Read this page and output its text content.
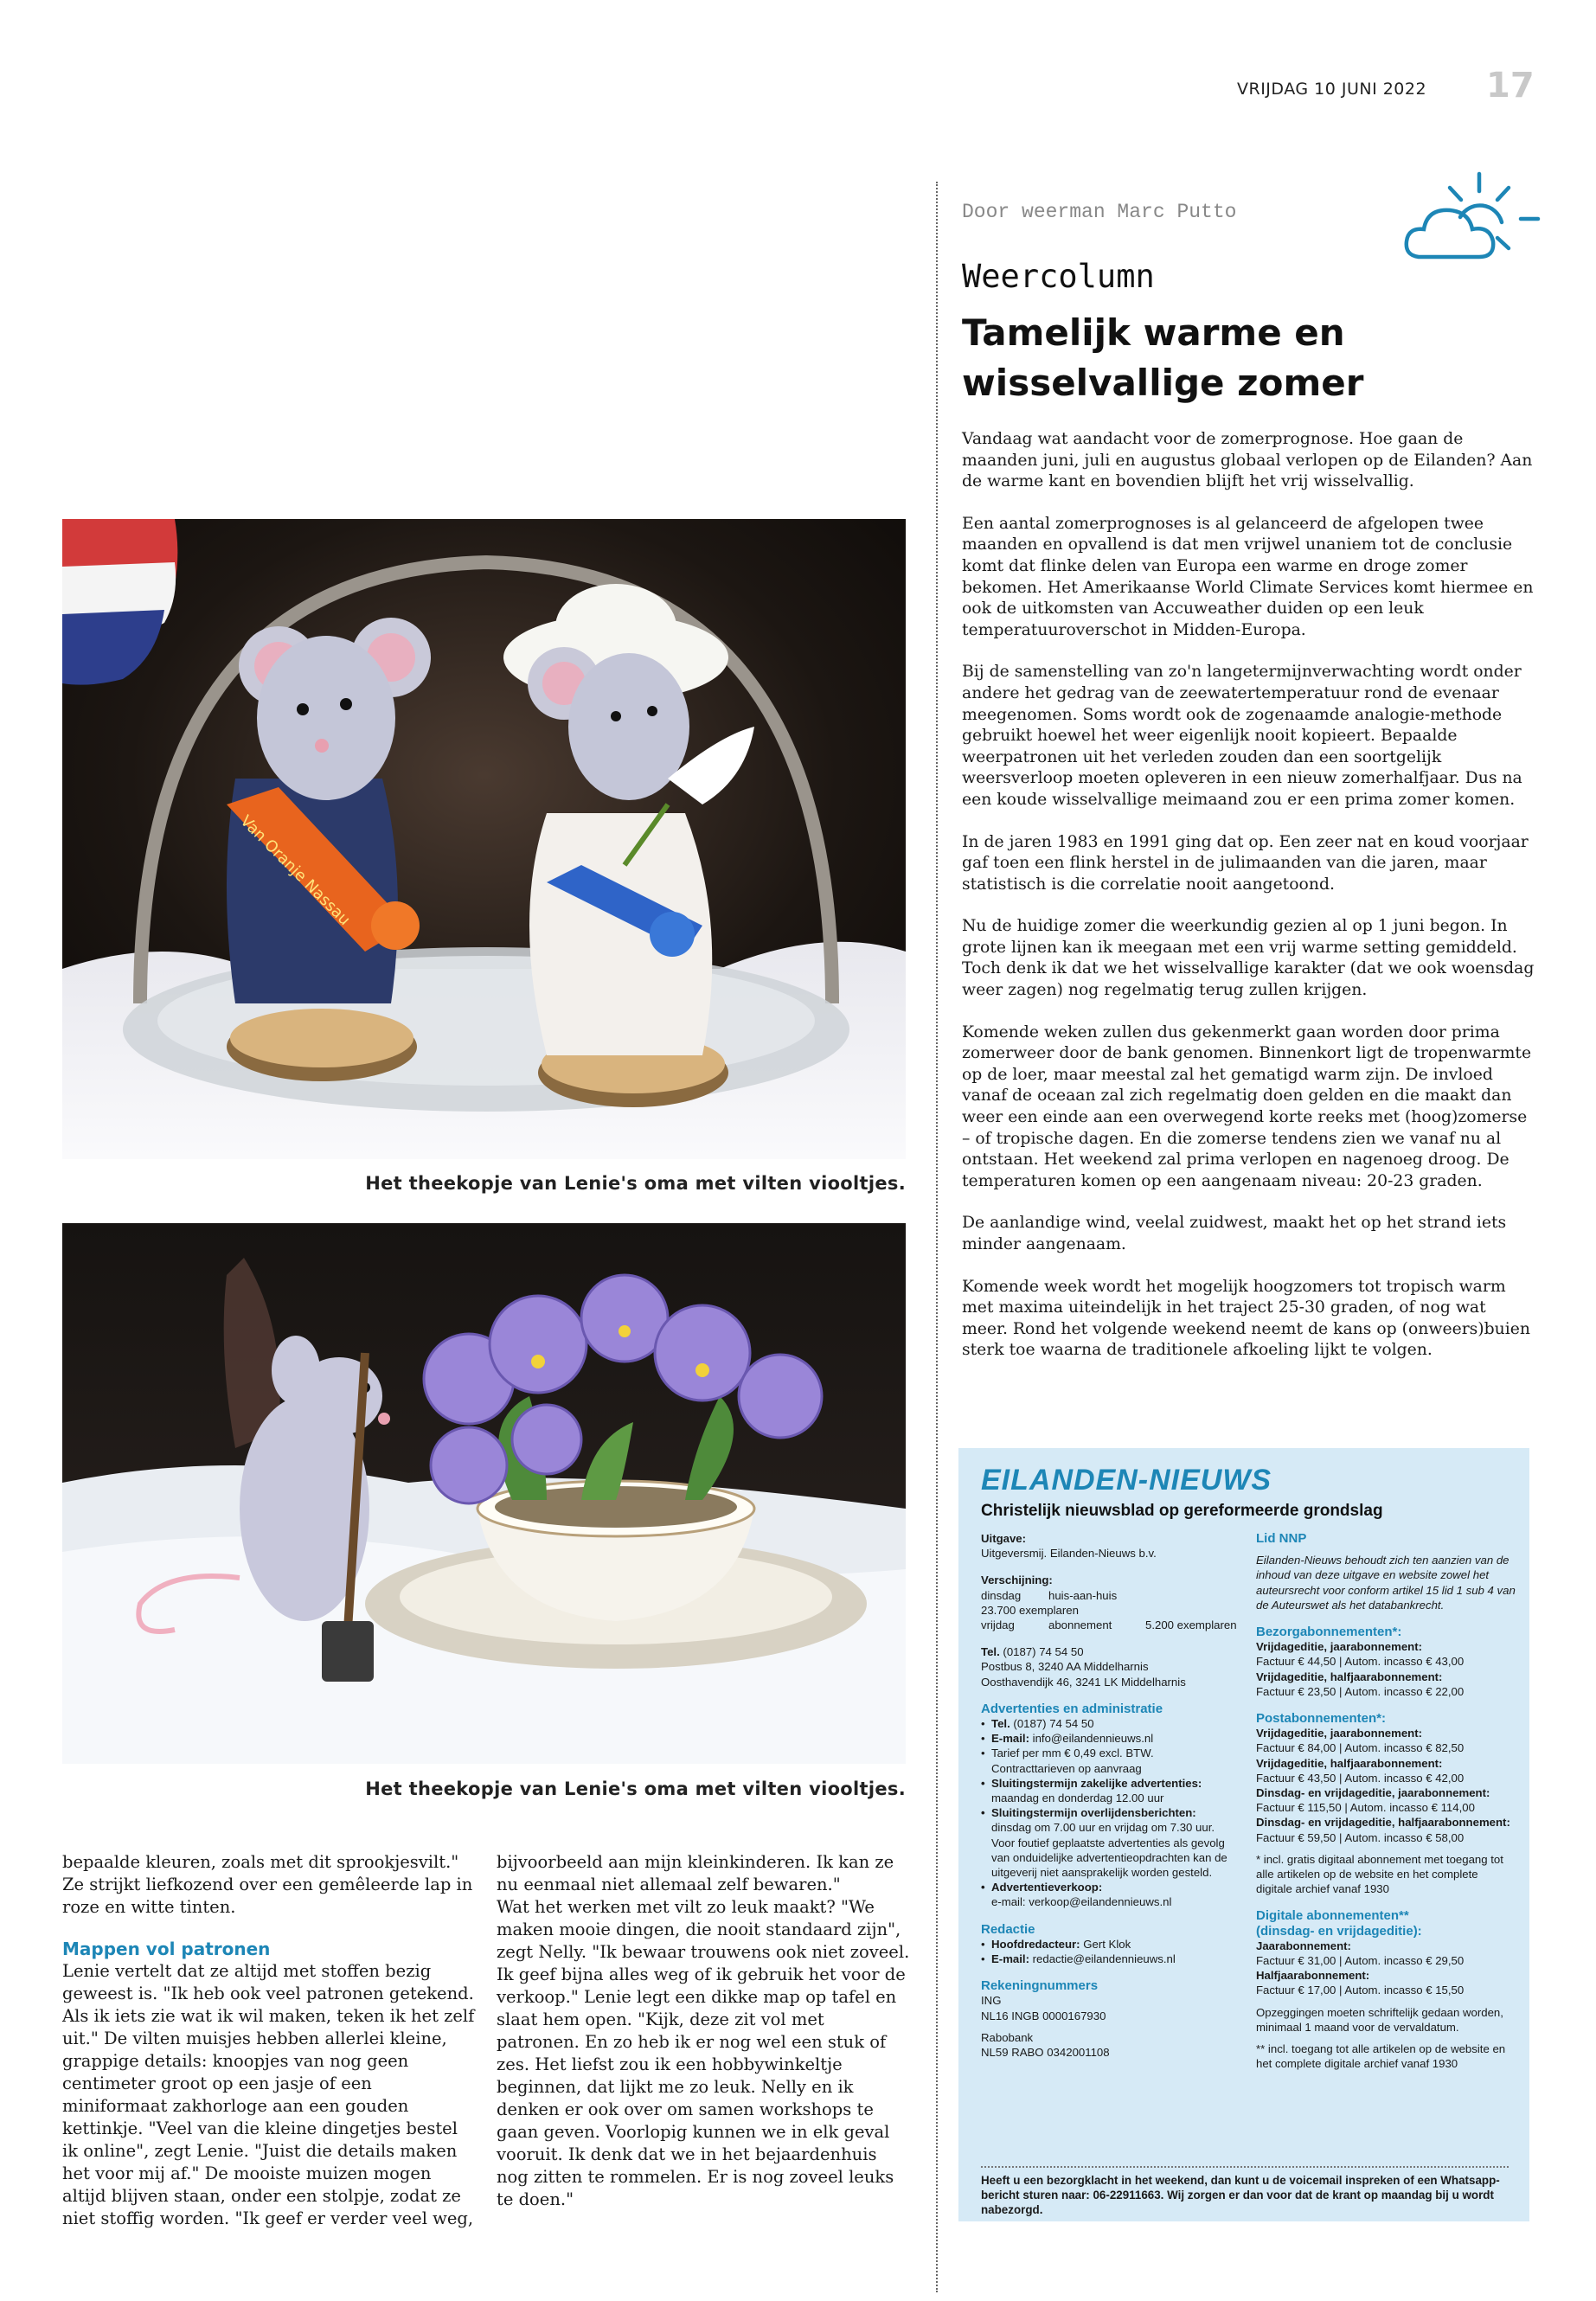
VRIJDAG 10 JUNI 2022 17
Door weerman Marc Putto
Weercolumn
Tamelijk warme en wisselvallige zomer

Vandaag wat aandacht voor de zomerprognose. Hoe gaan de maanden juni, juli en augustus globaal verlopen op de Eilanden? Aan de warme kant en bovendien blijft het vrij wisselvallig.

Een aantal zomerprognoses is al gelanceerd de afgelopen twee maanden en opvallend is dat men vrijwel unaniem tot de conclusie komt dat flinke delen van Europa een warme en droge zomer bekomen. Het Amerikaanse World Climate Services komt hiermee en ook de uitkomsten van Accuweather duiden op een leuk temperatuuroverschot in Midden-Europa.

Bij de samenstelling van zo'n langetermijnverwachting wordt onder andere het gedrag van de zeewatertemperatuur rond de evenaar meegenomen. Soms wordt ook de zogenaamde analogie-methode gebruikt hoewel het weer eigenlijk nooit kopieert. Bepaalde weerpatronen uit het verleden zouden dan een soortgelijk weersverloop moeten opleveren in een nieuw zomerhalfjaar. Dus na een koude wisselvallige meimaand zou er een prima zomer komen.

In de jaren 1983 en 1991 ging dat op. Een zeer nat en koud voorjaar gaf toen een flink herstel in de julimaanden van die jaren, maar statistisch is die correlatie nooit aangetoond.

Nu de huidige zomer die weerkundig gezien al op 1 juni begon. In grote lijnen kan ik meegaan met een vrij warme setting gemiddeld. Toch denk ik dat we het wisselvallige karakter (dat we ook woensdag weer zagen) nog regelmatig terug zullen krijgen.

Komende weken zullen dus gekenmerkt gaan worden door prima zomerweer door de bank genomen. Binnenkort ligt de tropenwarmte op de loer, maar meestal zal het gematigd warm zijn. De invloed vanaf de oceaan zal zich regelmatig doen gelden en die maakt dan weer een einde aan een overwegend korte reeks met (hoog)zomerse – of tropische dagen. En die zomerse tendens zien we vanaf nu al ontstaan. Het weekend zal prima verlopen en nagenoeg droog. De temperaturen komen op een aangenaam niveau: 20-23 graden.

De aanlandige wind, veelal zuidwest, maakt het op het strand iets minder aangenaam.

Komende week wordt het mogelijk hoogzomers tot tropisch warm met maxima uiteindelijk in het traject 25-30 graden, of nog wat meer. Rond het volgende weekend neemt de kans op (onweers)buien sterk toe waarna de traditionele afkoeling lijkt te volgen.

Van Oranje Nassau
Het theekopje van Lenie's oma met vilten viooltjes.
Het theekopje van Lenie's oma met vilten viooltjes.

bepaalde kleuren, zoals met dit sprookjesvilt." Ze strijkt liefkozend over een gemêleerde lap in roze en witte tinten.

Mappen vol patronen

Lenie vertelt dat ze altijd met stoffen bezig geweest is. "Ik heb ook veel patronen getekend. Als ik iets zie wat ik wil maken, teken ik het zelf uit." De vilten muisjes hebben allerlei kleine, grappige details: knoopjes van nog geen centimeter groot op een jasje of een miniformaat zakhorloge aan een gouden kettinkje. "Veel van die kleine dingetjes bestel ik online", zegt Lenie. "Juist die details maken het voor mij af." De mooiste muizen mogen altijd blijven staan, onder een stolpje, zodat ze niet stoffig worden. "Ik geef er verder veel weg,

bijvoorbeeld aan mijn kleinkinderen. Ik kan ze nu eenmaal niet allemaal zelf bewaren."

Wat het werken met vilt zo leuk maakt? "We maken mooie dingen, die nooit standaard zijn", zegt Nelly. "Ik bewaar trouwens ook niet zoveel. Ik geef bijna alles weg of ik gebruik het voor de verkoop." Lenie legt een dikke map op tafel en slaat hem open. "Kijk, deze zit vol met patronen. En zo heb ik er nog wel een stuk of zes. Het liefst zou ik een hobbywinkeltje beginnen, dat lijkt me zo leuk. Nelly en ik denken er ook over om samen workshops te gaan geven. Voorlopig kunnen we in elk geval vooruit. Ik denk dat we in het bejaardenhuis nog zitten te rommelen. Er is nog zoveel leuks te doen."

EILANDEN-NIEUWS
Christelijk nieuwsblad op gereformeerde grondslag

Uitgave:

Uitgeversmij. Eilanden-Nieuws b.v.

Verschijning:

dinsdag huis-aan-huis23.700 exemplaren
vrijdag	abonnement	5.200 exemplaren

Tel. (0187) 74 54 50

Postbus 8, 3240 AA Middelharnis

Oosthavendijk 46, 3241 LK Middelharnis

Advertenties en administratie

• Tel. (0187) 74 54 50

• E-mail: info@eilandennieuws.nl

• Tarief per mm € 0,49 excl. BTW.

Contracttarieven op aanvraag

• Sluitingstermijn zakelijke advertenties:

maandag en donderdag 12.00 uur

• Sluitingstermijn overlijdensberichten:

dinsdag om 7.00 uur en vrijdag om 7.30 uur.

Voor foutief geplaatste advertenties als gevolg van onduidelijke advertentieopdrachten kan de uitgeverij niet aansprakelijk worden gesteld.

• Advertentieverkoop:

e-mail: verkoop@eilandennieuws.nl

Redactie

• Hoofdredacteur: Gert Klok

• E-mail: redactie@eilandennieuws.nl

Rekeningnummers

ING

NL16 INGB 0000167930

Rabobank

NL59 RABO 0342001108

Lid NNP

Eilanden-Nieuws behoudt zich ten aanzien van de inhoud van deze uitgave en website zowel het auteursrecht voor conform artikel 15 lid 1 sub 4 van de Auteurswet als het databankrecht.

Bezorgabonnementen*:

Vrijdageditie, jaarabonnement:

Factuur € 44,50 | Autom. incasso € 43,00

Vrijdageditie, halfjaarabonnement:

Factuur € 23,50 | Autom. incasso € 22,00

Postabonnementen*:

Vrijdageditie, jaarabonnement:

Factuur € 84,00 | Autom. incasso € 82,50

Vrijdageditie, halfjaarabonnement:

Factuur € 43,50 | Autom. incasso € 42,00

Dinsdag- en vrijdageditie, jaarabonnement:

Factuur € 115,50 | Autom. incasso € 114,00

Dinsdag- en vrijdageditie, halfjaarabonnement:

Factuur € 59,50 | Autom. incasso € 58,00

* incl. gratis digitaal abonnement met toegang tot alle artikelen op de website en het complete digitale archief vanaf 1930

Digitale abonnementen**

(dinsdag- en vrijdageditie):

Jaarabonnement:

Factuur € 31,00 | Autom. incasso € 29,50

Halfjaarabonnement:

Factuur € 17,00 | Autom. incasso € 15,50

Opzeggingen moeten schriftelijk gedaan worden, minimaal 1 maand voor de vervaldatum.

** incl. toegang tot alle artikelen op de website en het complete digitale archief vanaf 1930

Heeft u een bezorgklacht in het weekend, dan kunt u de voicemail inspreken of een Whatsapp-bericht sturen naar: 06-22911663. Wij zorgen er dan voor dat de krant op maandag bij u wordt nabezorgd.
